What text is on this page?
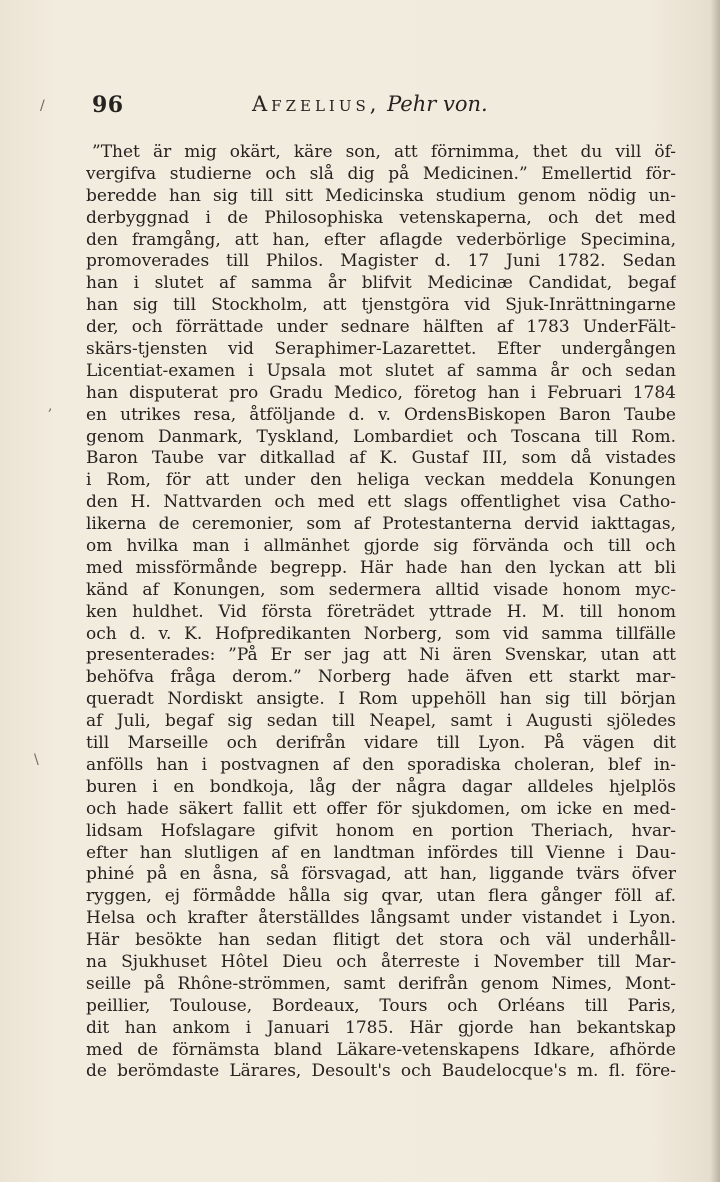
96	Afzelius, Pehr von.
”Thet är mig okärt, käre son, att förnimma, thet du vill öf-
vergifva studierne och slå dig på Medicinen.” Emellertid för-
beredde han sig till sitt Medicinska studium genom nödig un-
derbyggnad i de Philosophiska vetenskaperna, och det med
den framgång, att han, efter aflagde vederbörlige Specimina,
promoverades till Philos. Magister d. 17 Juni 1782. Sedan
han i slutet af samma år blifvit Medicinæ Candidat, begaf
han sig till Stockholm, att tjenstgöra vid Sjuk-Inrättningarne
der, och förrättade under sednare hälften af 1783 UnderFält-
skärs-tjensten vid Seraphimer-Lazarettet. Efter undergången
Licentiat-examen i Upsala mot slutet af samma år och sedan
han disputerat pro Gradu Medico, företog han i Februari 1784
en utrikes resa, åtföljande d. v. OrdensBiskopen Baron Taube
genom Danmark, Tyskland, Lombardiet och Toscana till Rom.
Baron Taube var ditkallad af K. Gustaf III, som då vistades
i Rom, för att under den heliga veckan meddela Konungen
den H. Nattvarden och med ett slags offentlighet visa Catho-
likerna de ceremonier, som af Protestanterna dervid iakttagas,
om hvilka man i allmänhet gjorde sig förvända och till och
med missförmånde begrepp. Här hade han den lyckan att bli
känd af Konungen, som sedermera alltid visade honom myc-
ken huldhet. Vid första företrädet yttrade H. M. till honom
och d. v. K. Hofpredikanten Norberg, som vid samma tillfälle
presenterades: ”På Er ser jag att Ni ären Svenskar, utan att
behöfva fråga derom.” Norberg hade äfven ett starkt mar-
queradt Nordiskt ansigte. I Rom uppehöll han sig till början
af Juli, begaf sig sedan till Neapel, samt i Augusti sjöledes
till Marseille och derifrån vidare till Lyon. På vägen dit
anfölls han i postvagnen af den sporadiska choleran, blef in-
buren i en bondkoja, låg der några dagar alldeles hjelplös
och hade säkert fallit ett offer för sjukdomen, om icke en med-
lidsam Hofslagare gifvit honom en portion Theriach, hvar-
efter han slutligen af en landtman infördes till Vienne i Dau-
phiné på en åsna, så försvagad, att han, liggande tvärs öfver
ryggen, ej förmådde hålla sig qvar, utan flera gånger föll af.
Helsa och krafter återställdes långsamt under vistandet i Lyon.
Här besökte han sedan flitigt det stora och väl underhåll-
na Sjukhuset Hôtel Dieu och återreste i November till Mar-
seille på Rhône-strömmen, samt derifrån genom Nimes, Mont-
peillier, Toulouse, Bordeaux, Tours och Orléans till Paris,
dit han ankom i Januari 1785. Här gjorde han bekantskap
med de förnämsta bland Läkare-vetenskapens Idkare, afhörde
de berömdaste Lärares, Desoult's och Baudelocque's m. fl. före-
/
,
\
